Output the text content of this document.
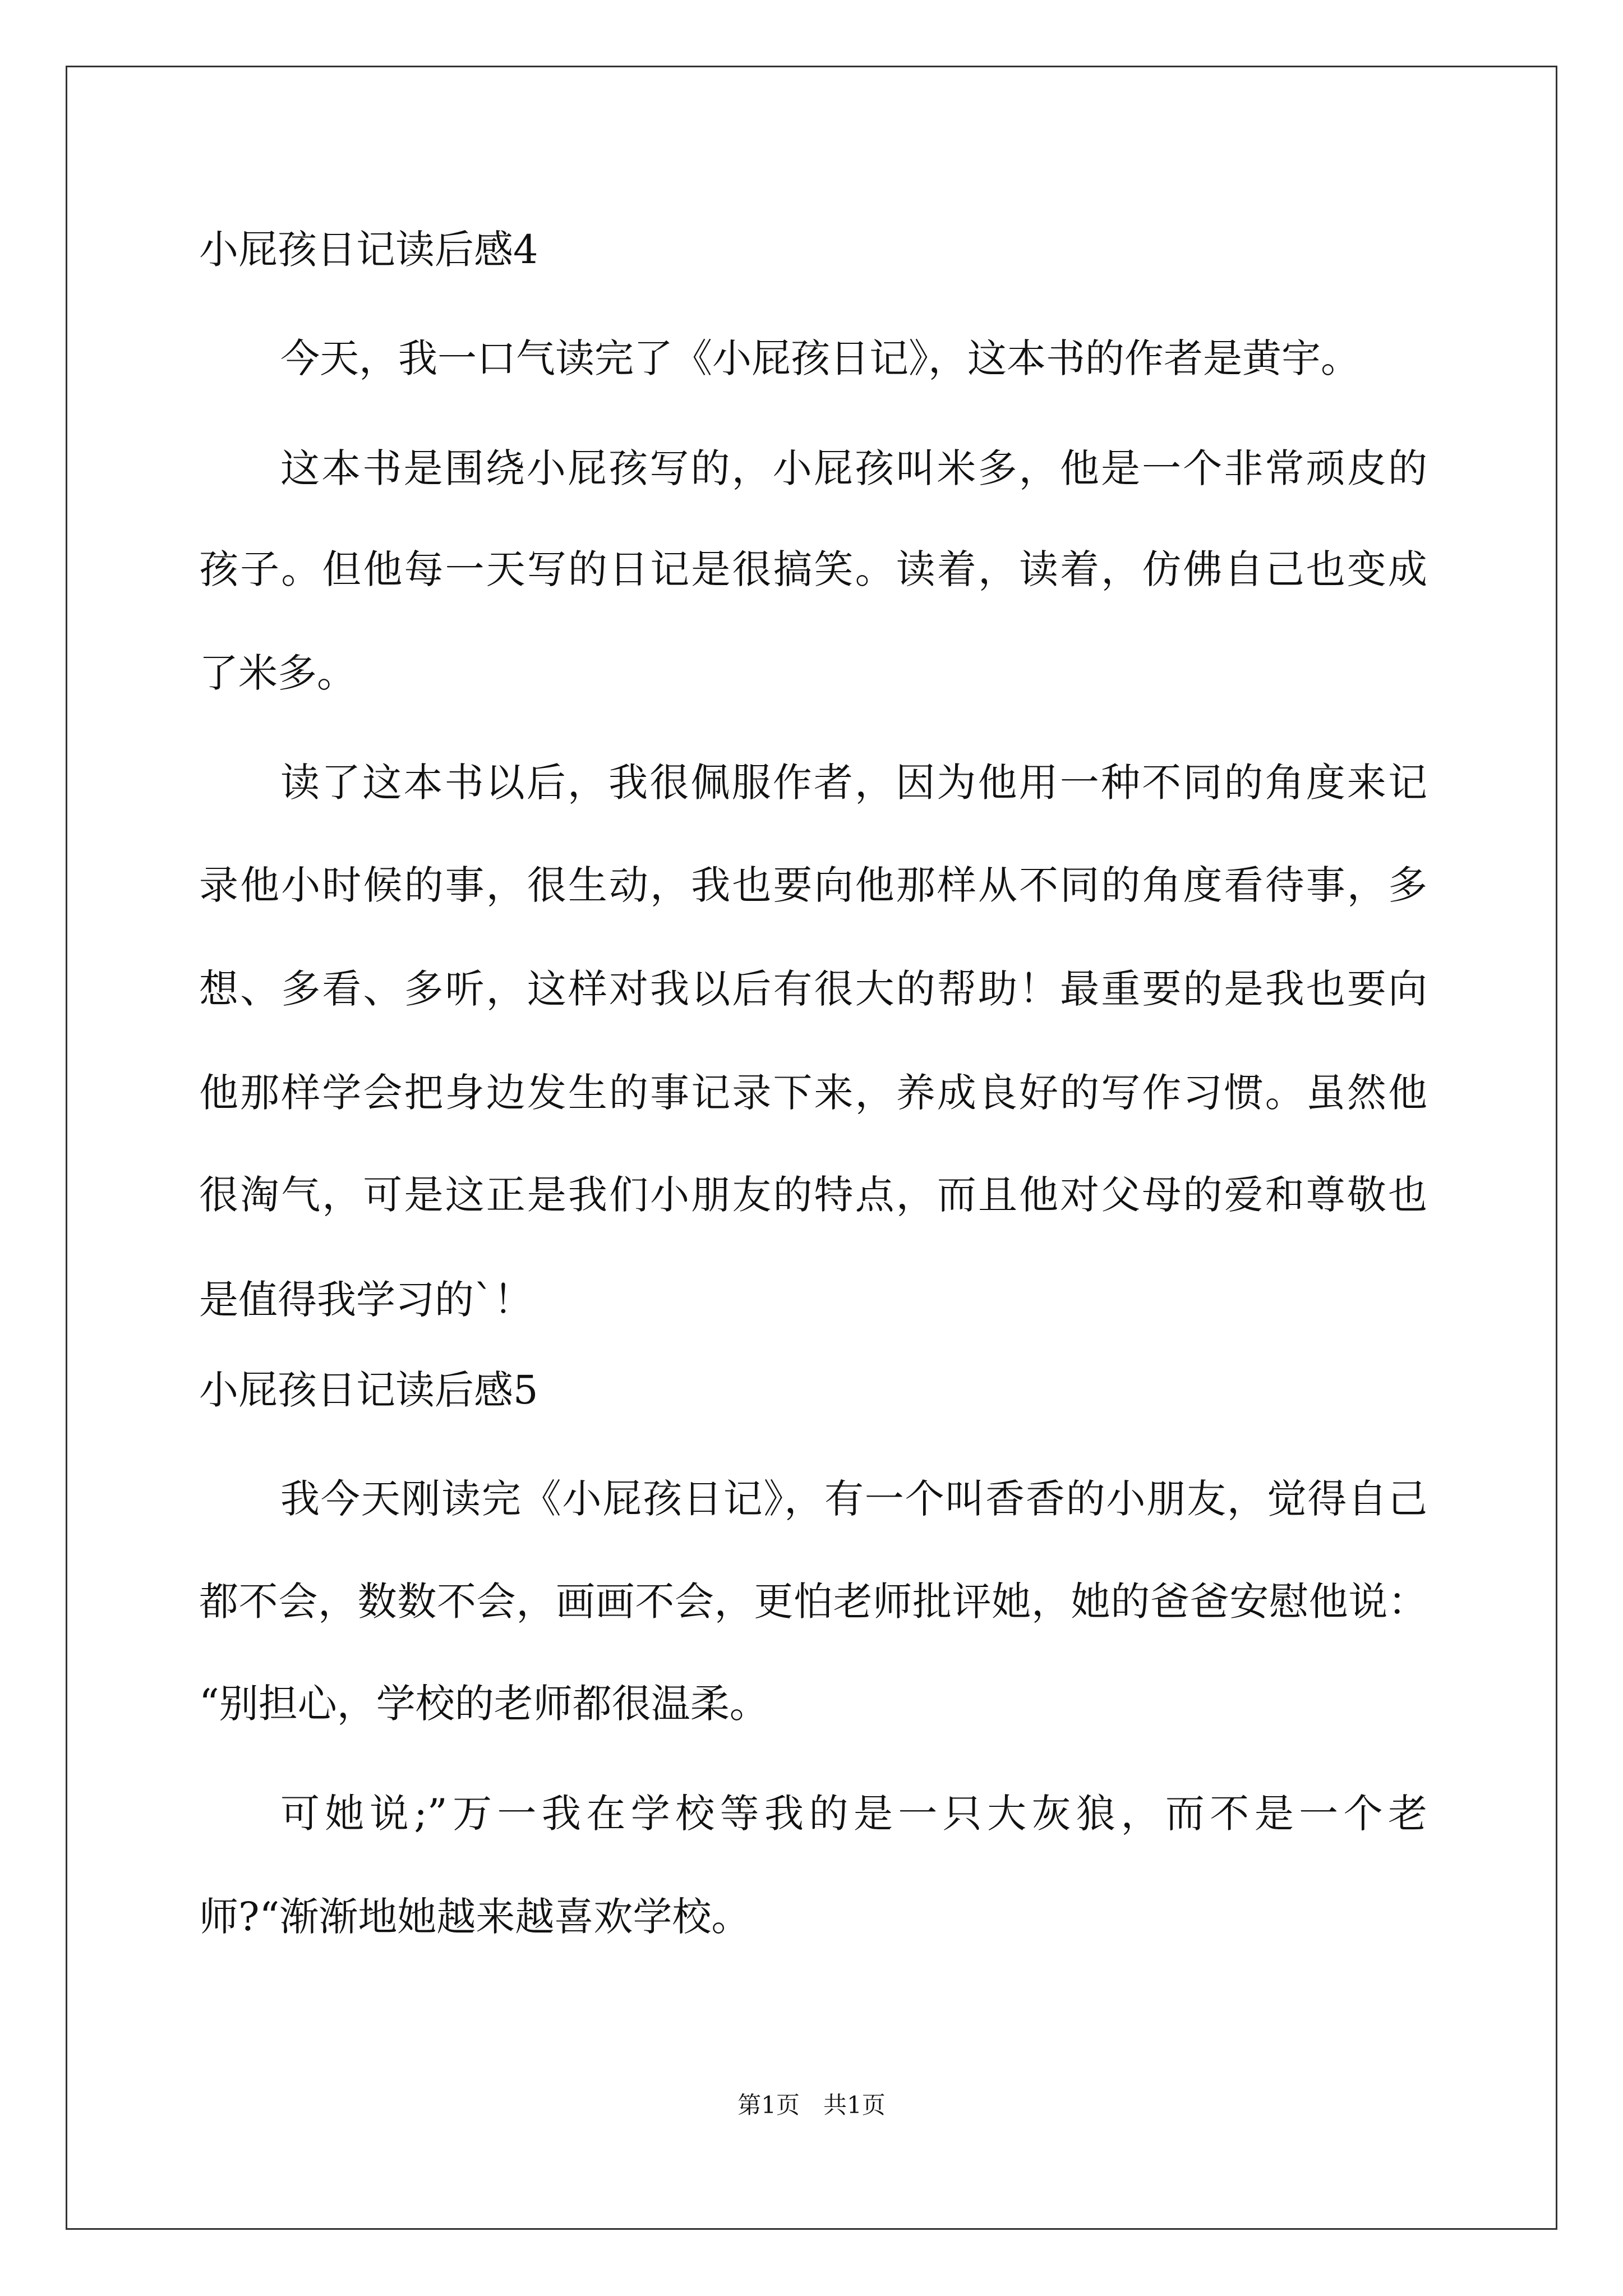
小屁孩日记读后感4
今天，我一口气读完了《小屁孩日记》，这本书的作者是黄宇。
这本书是围绕小屁孩写的，小屁孩叫米多，他是一个非常顽皮的
孩子。但他每一天写的日记是很搞笑。读着，读着，仿佛自己也变成
了米多。
读了这本书以后，我很佩服作者，因为他用一种不同的角度来记
录他小时候的事，很生动，我也要向他那样从不同的角度看待事，多
想、多看、多听，这样对我以后有很大的帮助！最重要的是我也要向
他那样学会把身边发生的事记录下来，养成良好的写作习惯。虽然他
很淘气，可是这正是我们小朋友的特点，而且他对父母的爱和尊敬也
是值得我学习的`！
小屁孩日记读后感5
我今天刚读完《小屁孩日记》，有一个叫香香的小朋友，觉得自己
都不会，数数不会，画画不会，更怕老师批评她，她的爸爸安慰他说：
“别担心，学校的老师都很温柔。
可她说;”万一我在学校等我的是一只大灰狼，而不是一个老
师?“渐渐地她越来越喜欢学校。
第1页　共1页
